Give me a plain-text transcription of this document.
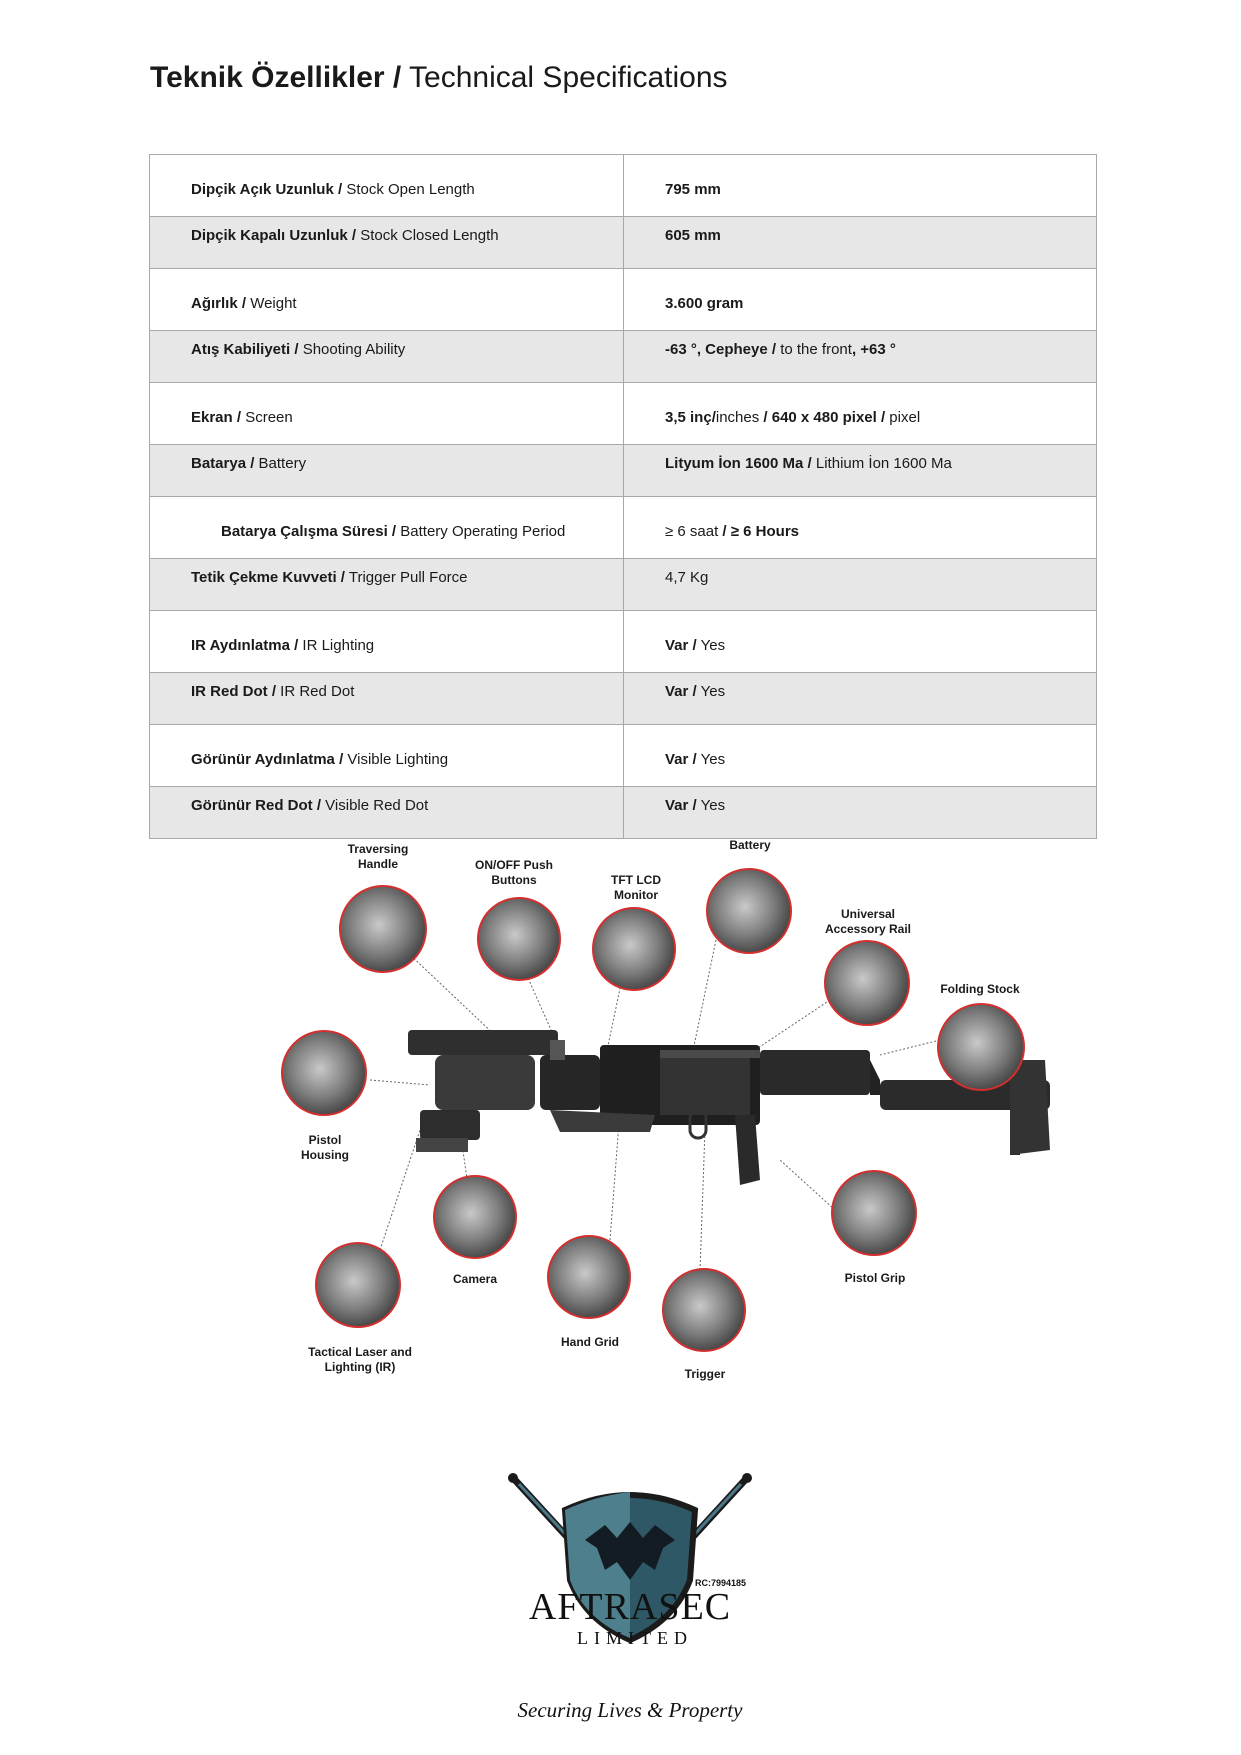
Teknik Özellikler / Technical Specifications
Dipçik Açık Uzunluk / Stock Open Length	795 mm

Dipçik Kapalı Uzunluk / Stock Closed Length	605 mm

Ağırlık / Weight	3.600 gram

Atış Kabiliyeti / Shooting Ability	-63 °, Cepheye / to the front, +63 °

Ekran / Screen	3,5 inç/inches / 640 x 480 pixel / pixel

Batarya / Battery	Lityum İon 1600 Ma / Lithium İon 1600 Ma

Batarya Çalışma Süresi / Battery Operating Period	≥ 6 saat / ≥ 6 Hours

Tetik Çekme Kuvveti / Trigger Pull Force	4,7 Kg

IR Aydınlatma / IR Lighting	Var / Yes

IR Red Dot / IR Red Dot	Var / Yes

Görünür Aydınlatma / Visible Lighting	Var / Yes

Görünür Red Dot / Visible Red Dot	Var / Yes
Traversing
Handle	ON/OFF Push
Buttons	TFT LCD
Monitor
Battery
Universal
Accessory Rail
Folding Stock
Pistol
Housing
Camera
Hand Grid
Trigger
Pistol Grip
Tactical Laser and
Lighting (IR)
RC:7994185
AFTRASEC
LIMITED
Securing Lives & Property
